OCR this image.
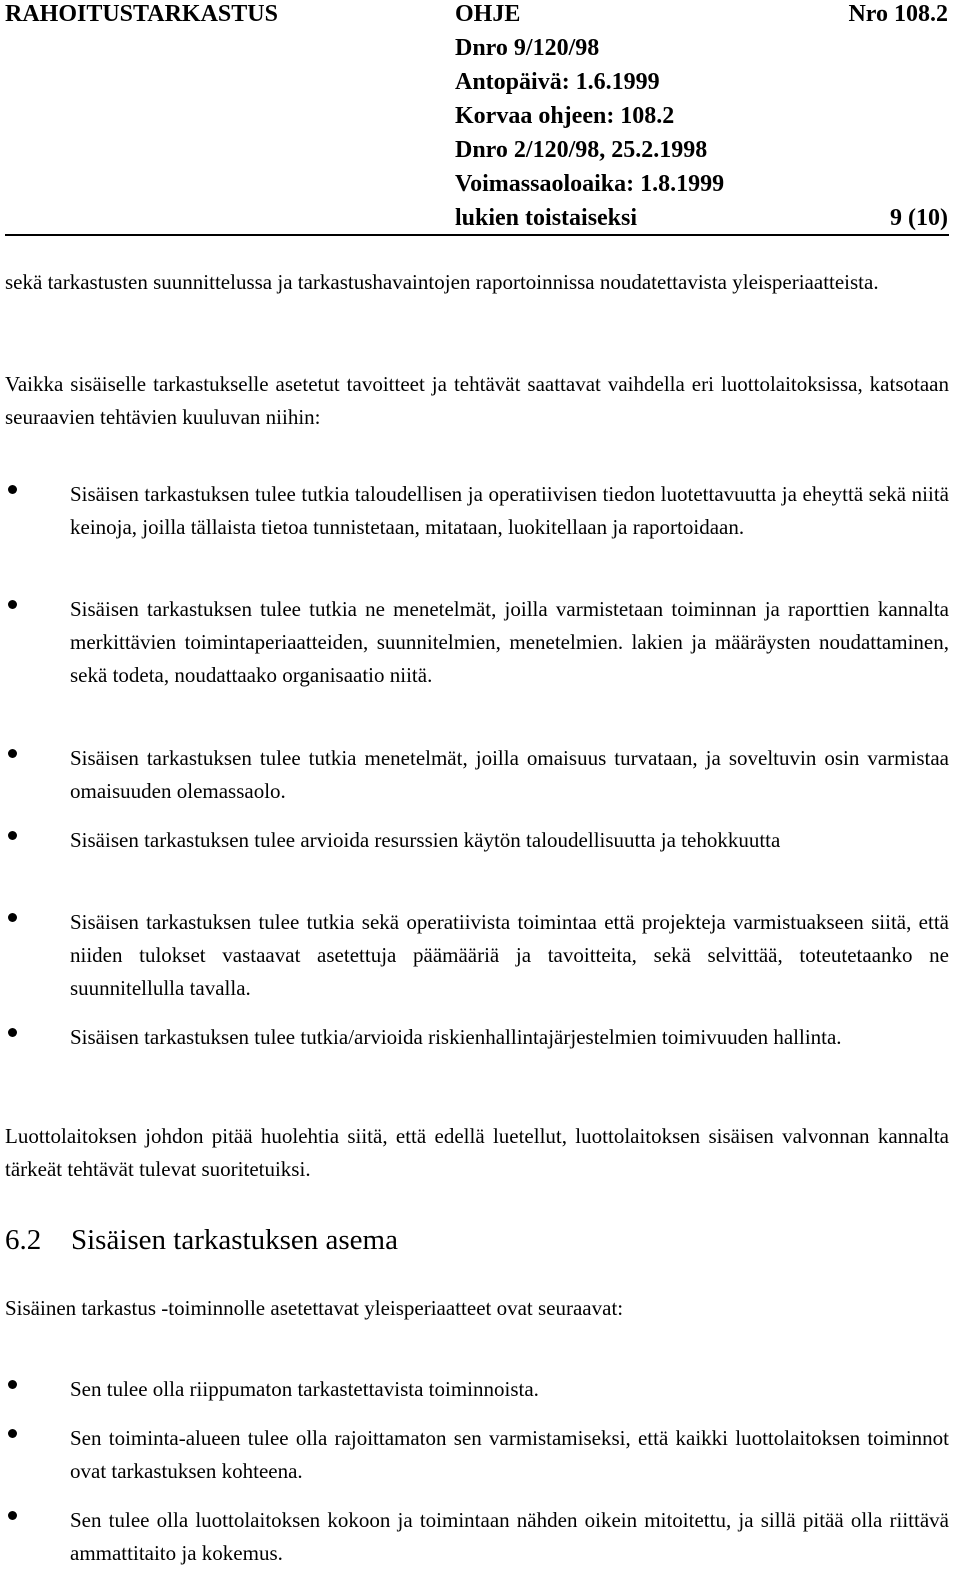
RAHOITUSTARKASTUS	OHJE	Nro 108.2
Dnro 9/120/98
Antopäivä: 1.6.1999
Korvaa ohjeen: 108.2
Dnro 2/120/98, 25.2.1998
Voimassaoloaika: 1.8.1999
lukien toistaiseksi	9 (10)
sekä tarkastusten suunnittelussa ja tarkastushavaintojen raportoinnissa noudatettavista yleisperiaatteista.
Vaikka sisäiselle tarkastukselle asetetut tavoitteet ja tehtävät saattavat vaihdella eri luottolaitoksissa, katsotaan seuraavien tehtävien kuuluvan niihin:
Sisäisen tarkastuksen tulee tutkia taloudellisen ja operatiivisen tiedon luotettavuutta ja eheyttä sekä niitä keinoja, joilla tällaista tietoa tunnistetaan, mitataan, luokitellaan ja raportoidaan.
Sisäisen tarkastuksen tulee tutkia ne menetelmät, joilla varmistetaan toiminnan ja raporttien kannalta merkittävien toimintaperiaatteiden, suunnitelmien, menetelmien. lakien ja määräysten noudattaminen, sekä todeta, noudattaako organisaatio niitä.
Sisäisen tarkastuksen tulee tutkia menetelmät, joilla omaisuus turvataan, ja soveltuvin osin varmistaa omaisuuden olemassaolo.
Sisäisen tarkastuksen tulee arvioida resurssien käytön taloudellisuutta ja tehokkuutta
Sisäisen tarkastuksen tulee tutkia sekä operatiivista toimintaa että projekteja varmistuakseen siitä, että niiden tulokset vastaavat asetettuja päämääriä ja tavoitteita, sekä selvittää, toteutetaanko ne suunnitellulla tavalla.
Sisäisen tarkastuksen tulee tutkia/arvioida riskienhallintajärjestelmien toimivuuden hallinta.
Luottolaitoksen johdon pitää huolehtia siitä, että edellä luetellut, luottolaitoksen sisäisen valvonnan kannalta tärkeät tehtävät tulevat suoritetuiksi.
6.2 Sisäisen tarkastuksen asema
Sisäinen tarkastus -toiminnolle asetettavat yleisperiaatteet ovat seuraavat:
Sen tulee olla riippumaton tarkastettavista toiminnoista.
Sen toiminta-alueen tulee olla rajoittamaton sen varmistamiseksi, että kaikki luottolaitoksen toiminnot ovat tarkastuksen kohteena.
Sen tulee olla luottolaitoksen kokoon ja toimintaan nähden oikein mitoitettu, ja sillä pitää olla riittävä ammattitaito ja kokemus.
